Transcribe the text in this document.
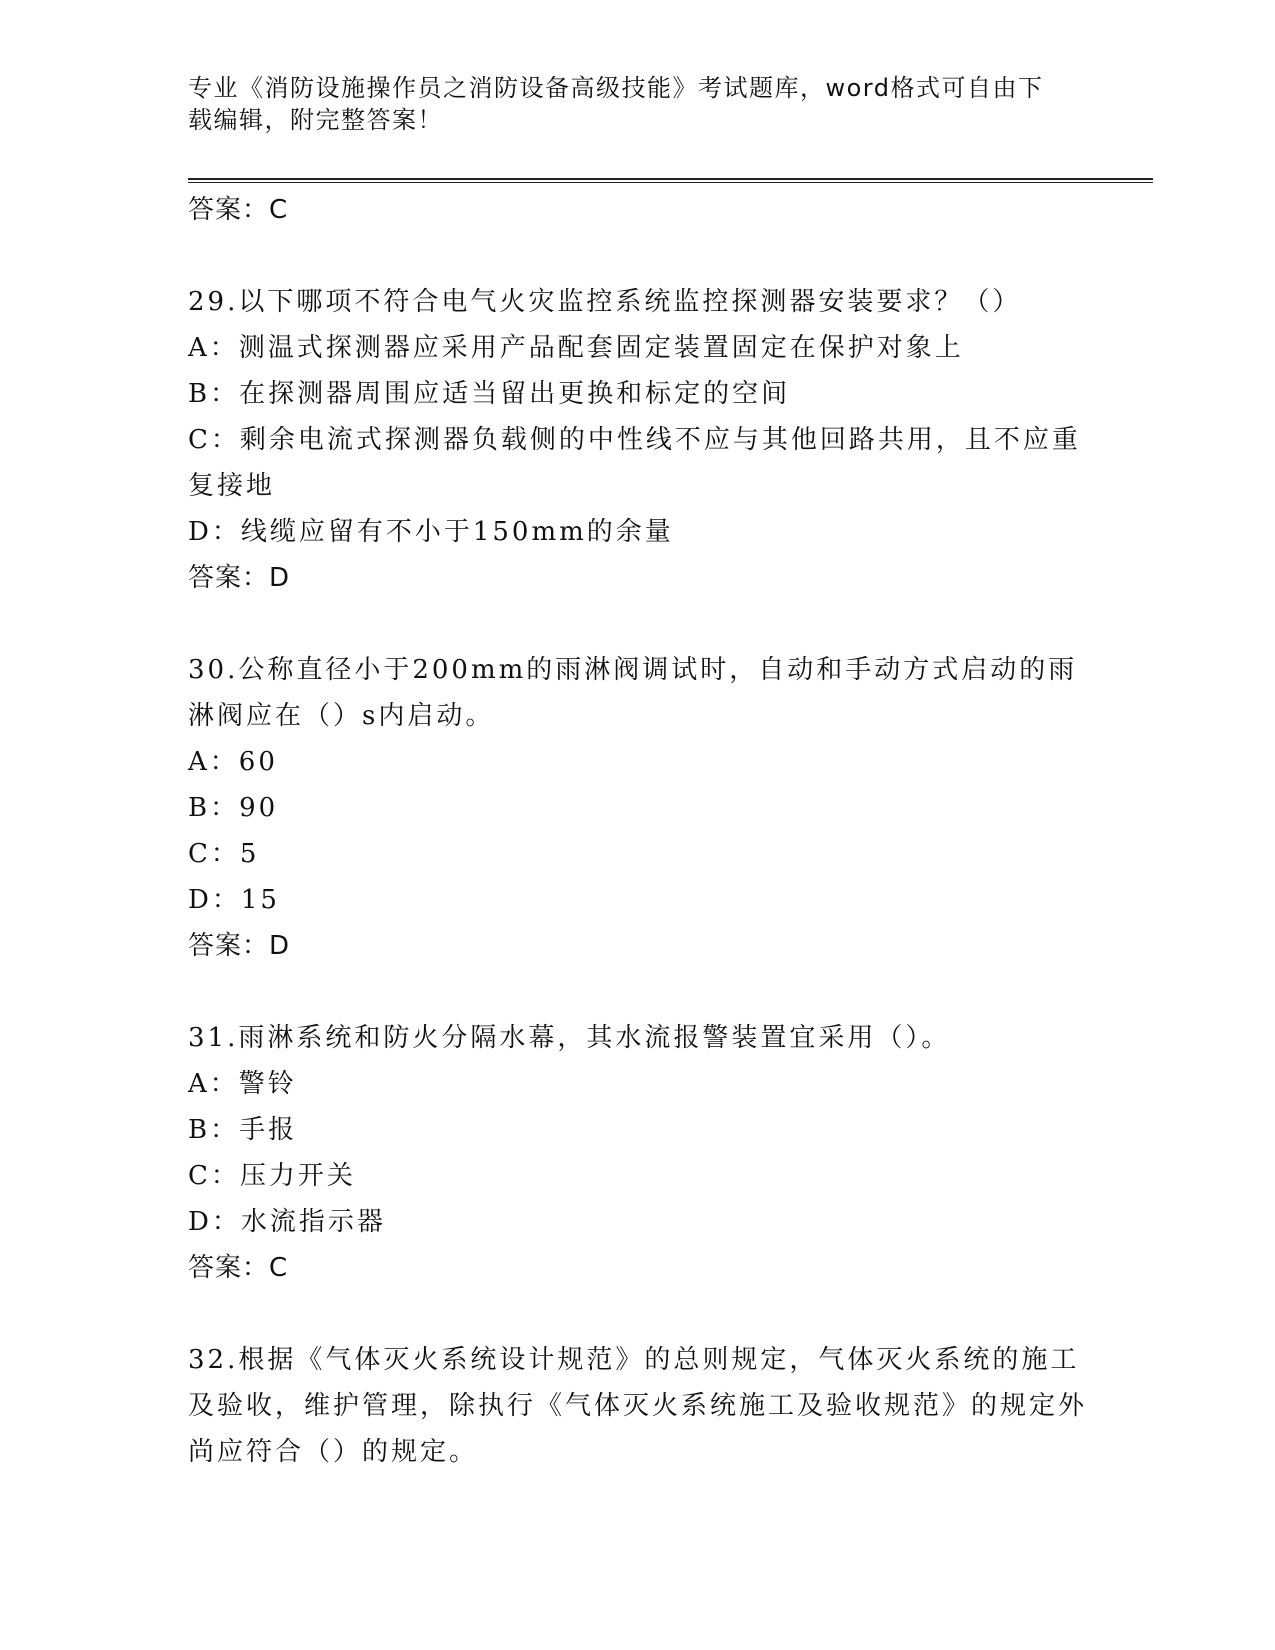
专业《消防设施操作员之消防设备高级技能》考试题库，word格式可自由下载编辑，附完整答案！
答案：C
29.以下哪项不符合电气火灾监控系统监控探测器安装要求？（）
A：测温式探测器应采用产品配套固定装置固定在保护对象上
B：在探测器周围应适当留出更换和标定的空间
C：剩余电流式探测器负载侧的中性线不应与其他回路共用，且不应重复接地
D：线缆应留有不小于150mm的余量
答案：D
30.公称直径小于200mm的雨淋阀调试时，自动和手动方式启动的雨淋阀应在（）s内启动。
A：60
B：90
C：5
D：15
答案：D
31.雨淋系统和防火分隔水幕，其水流报警装置宜采用（）。
A：警铃
B：手报
C：压力开关
D：水流指示器
答案：C
32.根据《气体灭火系统设计规范》的总则规定，气体灭火系统的施工及验收，维护管理，除执行《气体灭火系统施工及验收规范》的规定外尚应符合（）的规定。
